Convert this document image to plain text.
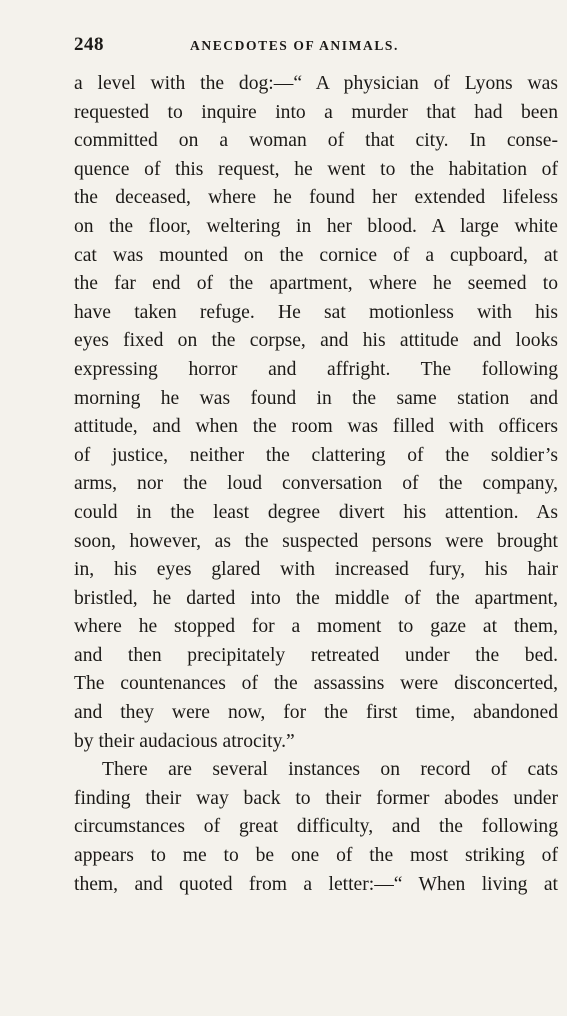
248	ANECDOTES OF ANIMALS.
a level with the dog:—“ A physician of Lyons was
requested to inquire into a murder that had been
committed on a woman of that city. In conse-
quence of this request, he went to the habitation of
the deceased, where he found her extended lifeless
on the floor, weltering in her blood. A large white
cat was mounted on the cornice of a cupboard, at
the far end of the apartment, where he seemed to
have taken refuge. He sat motionless with his
eyes fixed on the corpse, and his attitude and looks
expressing horror and affright. The following
morning he was found in the same station and
attitude, and when the room was filled with officers
of justice, neither the clattering of the soldier’s
arms, nor the loud conversation of the company,
could in the least degree divert his attention. As
soon, however, as the suspected persons were brought
in, his eyes glared with increased fury, his hair
bristled, he darted into the middle of the apartment,
where he stopped for a moment to gaze at them,
and then precipitately retreated under the bed.
The countenances of the assassins were disconcerted,
and they were now, for the first time, abandoned
by their audacious atrocity.”
There are several instances on record of cats
finding their way back to their former abodes under
circumstances of great difficulty, and the following
appears to me to be one of the most striking of
them, and quoted from a letter:—“ When living at
